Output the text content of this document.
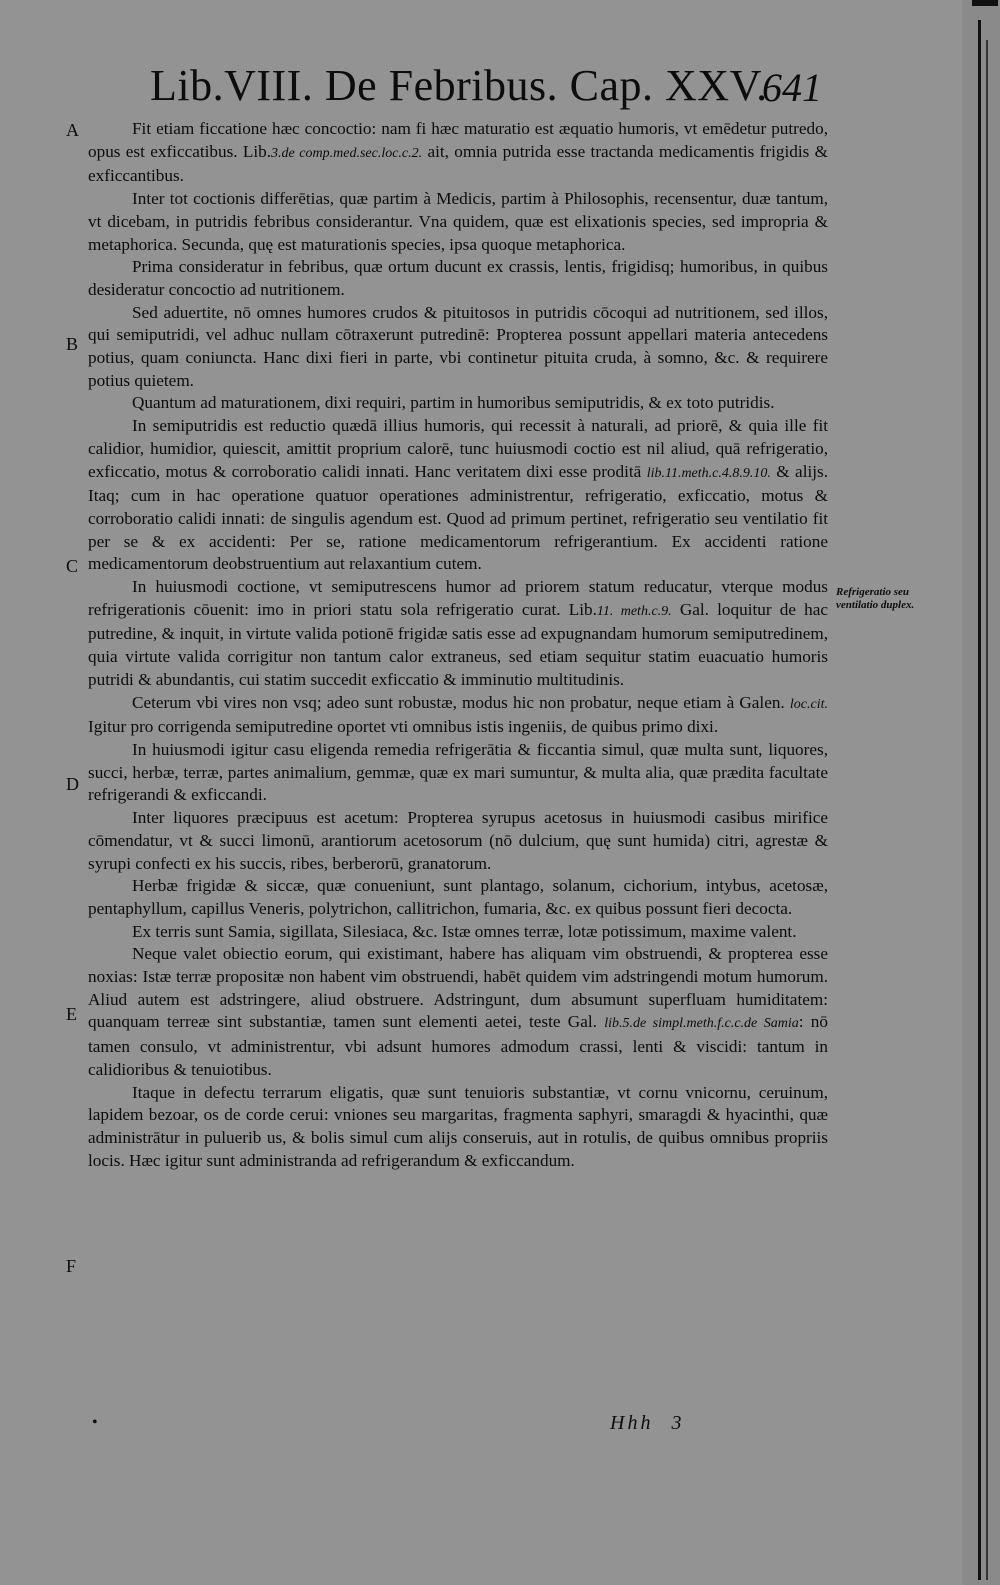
Lib.VIII. De Febribus. Cap. XXV.
641
A
B
C
D
E
F
Refrigeratio seu ventilatio duplex.

Fit etiam ficcatione hæc concoctio: nam fi hæc maturatio est æquatio humoris, vt emēdetur putredo, opus est exficcatibus. Lib.3.de comp.med.sec.loc.c.2. ait, omnia putrida esse tractanda medicamentis frigidis & exficcantibus.

Inter tot coctionis differētias, quæ partim à Medicis, partim à Philosophis, recensentur, duæ tantum, vt dicebam, in putridis febribus considerantur. Vna quidem, quæ est elixationis species, sed impropria & metaphorica. Secunda, quę est maturationis species, ipsa quoque metaphorica.

Prima consideratur in febribus, quæ ortum ducunt ex crassis, lentis, frigidisq; humoribus, in quibus desideratur concoctio ad nutritionem.

Sed aduertite, nō omnes humores crudos & pituitosos in putridis cōcoqui ad nutritionem, sed illos, qui semiputridi, vel adhuc nullam cōtraxerunt putredinē: Propterea possunt appellari materia antecedens potius, quam coniuncta. Hanc dixi fieri in parte, vbi continetur pituita cruda, à somno, &c. & requirere potius quietem.

Quantum ad maturationem, dixi requiri, partim in humoribus semiputridis, & ex toto putridis.

In semiputridis est reductio quædā illius humoris, qui recessit à naturali, ad priorē, & quia ille fit calidior, humidior, quiescit, amittit proprium calorē, tunc huiusmodi coctio est nil aliud, quā refrigeratio, exficcatio, motus & corroboratio calidi innati. Hanc veritatem dixi esse proditā lib.11.meth.c.4.8.9.10. & alijs. Itaq; cum in hac operatione quatuor operationes administrentur, refrigeratio, exficcatio, motus & corroboratio calidi innati: de singulis agendum est. Quod ad primum pertinet, refrigeratio seu ventilatio fit per se & ex accidenti: Per se, ratione medicamentorum refrigerantium. Ex accidenti ratione medicamentorum deobstruentium aut relaxantium cutem.

In huiusmodi coctione, vt semiputrescens humor ad priorem statum reducatur, vterque modus refrigerationis cōuenit: imo in priori statu sola refrigeratio curat. Lib.11. meth.c.9. Gal. loquitur de hac putredine, & inquit, in virtute valida potionē frigidæ satis esse ad expugnandam humorum semiputredinem, quia virtute valida corrigitur non tantum calor extraneus, sed etiam sequitur statim euacuatio humoris putridi & abundantis, cui statim succedit exficcatio & imminutio multitudinis.

Ceterum vbi vires non vsq; adeo sunt robustæ, modus hic non probatur, neque etiam à Galen. loc.cit. Igitur pro corrigenda semiputredine oportet vti omnibus istis ingeniis, de quibus primo dixi.

In huiusmodi igitur casu eligenda remedia refrigerātia & ficcantia simul, quæ multa sunt, liquores, succi, herbæ, terræ, partes animalium, gemmæ, quæ ex mari sumuntur, & multa alia, quæ prædita facultate refrigerandi & exficcandi.

Inter liquores præcipuus est acetum: Propterea syrupus acetosus in huiusmodi casibus mirifice cōmendatur, vt & succi limonū, arantiorum acetosorum (nō dulcium, quę sunt humida) citri, agrestæ & syrupi confecti ex his succis, ribes, berberorū, granatorum.

Herbæ frigidæ & siccæ, quæ conueniunt, sunt plantago, solanum, cichorium, intybus, acetosæ, pentaphyllum, capillus Veneris, polytrichon, callitrichon, fumaria, &c. ex quibus possunt fieri decocta.

Ex terris sunt Samia, sigillata, Silesiaca, &c. Istæ omnes terræ, lotæ potissimum, maxime valent.

Neque valet obiectio eorum, qui existimant, habere has aliquam vim obstruendi, & propterea esse noxias: Istæ terræ propositæ non habent vim obstruendi, habēt quidem vim adstringendi motum humorum. Aliud autem est adstringere, aliud obstruere. Adstringunt, dum absumunt superfluam humiditatem: quanquam terreæ sint substantiæ, tamen sunt elementi aetei, teste Gal. lib.5.de simpl.meth.f.c.c.de Samia: nō tamen consulo, vt administrentur, vbi adsunt humores admodum crassi, lenti & viscidi: tantum in calidioribus & tenuiotibus.

Itaque in defectu terrarum eligatis, quæ sunt tenuioris substantiæ, vt cornu vnicornu, ceruinum, lapidem bezoar, os de corde cerui: vniones seu margaritas, fragmenta saphyri, smaragdi & hyacinthi, quæ administrātur in puluerib us, & bolis simul cum alijs conseruis, aut in rotulis, de quibus omnibus propriis locis. Hæc igitur sunt administranda ad refrigerandum & exficcandum.

•	Hhh 3
